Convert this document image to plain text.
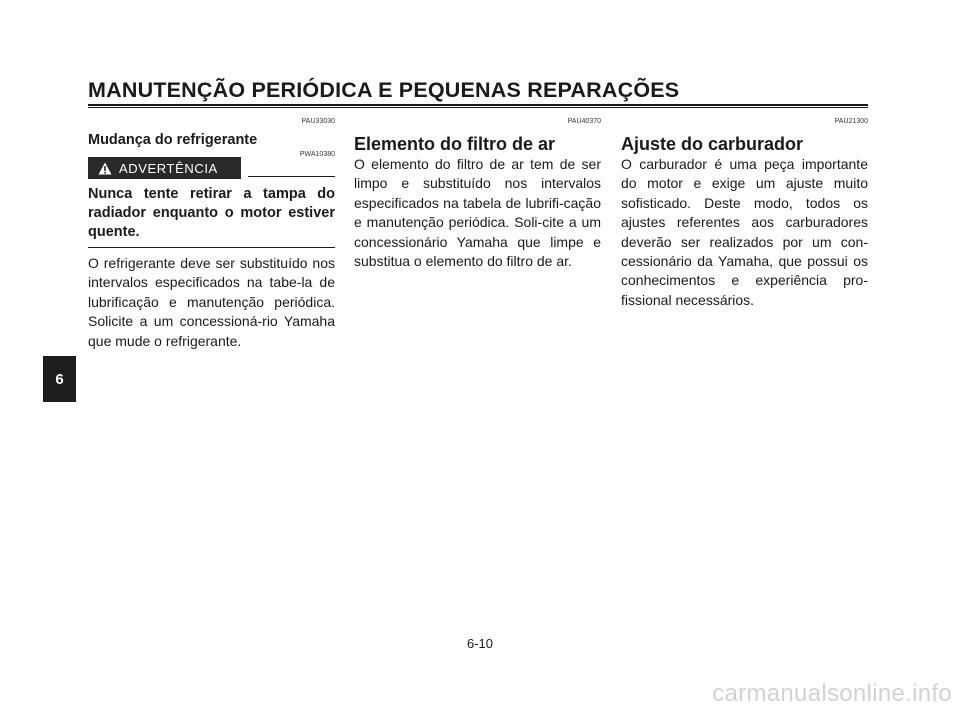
MANUTENÇÃO PERIÓDICA E PEQUENAS REPARAÇÕES
PAU33030
Mudança do refrigerante
PWA10380
ADVERTÊNCIA

Nunca tente retirar a tampa do radiador enquanto o motor estiver quente.

O refrigerante deve ser substituído nos intervalos especificados na tabe-la de lubrificação e manutenção periódica. Solicite a um concessioná-rio Yamaha que mude o refrigerante.

PAU40370
Elemento do filtro de ar

O elemento do filtro de ar tem de ser limpo e substituído nos intervalos especificados na tabela de lubrifi-cação e manutenção periódica. Soli-cite a um concessionário Yamaha que limpe e substitua o elemento do filtro de ar.

PAU21300
Ajuste do carburador

O carburador é uma peça importante do motor e exige um ajuste muito sofisticado. Deste modo, todos os ajustes referentes aos carburadores deverão ser realizados por um con-cessionário da Yamaha, que possui os conhecimentos e experiência pro-fissional necessários.

6
6-10
carmanualsonline.info
